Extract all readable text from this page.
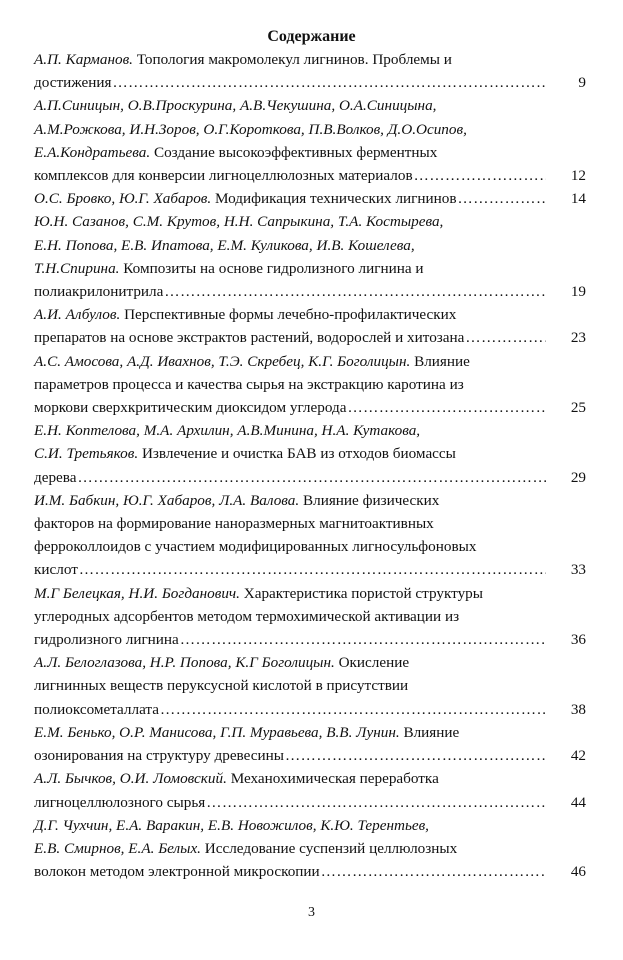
Содержание
А.П. Карманов. Топология макромолекул лигнинов. Проблемы и
достижения ……………………………………………………………………………………………………………………………………………………	9
А.П.Синицын, О.В.Проскурина, А.В.Чекушина, О.А.Синицына,
А.М.Рожкова, И.Н.Зоров, О.Г.Короткова, П.В.Волков, Д.О.Осипов,
Е.А.Кондратьева. Создание высокоэффективных ферментных
комплексов для конверсии лигноцеллюлозных материалов ……………………………………………………………………………………………………………………………………………………	12
О.С. Бровко, Ю.Г. Хабаров. Модификация технических лигнинов ……………………………………………………………………………………………………………………………………………………	14
Ю.Н. Сазанов, С.М. Крутов, Н.Н. Сапрыкина, Т.А. Костырева,
Е.Н. Попова, Е.В. Ипатова, Е.М. Куликова, И.В. Кошелева,
Т.Н.Спирина. Композиты на основе гидролизного лигнина и
полиакрилонитрила ……………………………………………………………………………………………………………………………………………………	19
А.И. Албулов. Перспективные формы лечебно-профилактических
препаратов на основе экстрактов растений, водорослей и хитозана ……………………………………………………………………………………………………………………………………………………	23
А.С. Амосова, А.Д. Ивахнов, Т.Э. Скребец, К.Г. Боголицын. Влияние
параметров процесса и качества сырья на экстракцию каротина из
моркови сверхкритическим диоксидом углерода ……………………………………………………………………………………………………………………………………………………	25
Е.Н. Коптелова, М.А. Архилин, А.В.Минина, Н.А. Кутакова,
С.И. Третьяков. Извлечение и очистка БАВ из отходов биомассы
дерева ……………………………………………………………………………………………………………………………………………………	29
И.М. Бабкин, Ю.Г. Хабаров, Л.А. Валова. Влияние физических
факторов на формирование наноразмерных магнитоактивных
ферроколлоидов с участием модифицированных лигносульфоновых
кислот ……………………………………………………………………………………………………………………………………………………	33
М.Г Белецкая, Н.И. Богданович. Характеристика пористой структуры
углеродных адсорбентов методом термохимической активации из
гидролизного лигнина ……………………………………………………………………………………………………………………………………………………	36
А.Л. Белоглазова, Н.Р. Попова, К.Г Боголицын. Окисление
лигнинных веществ перуксусной кислотой в присутствии
полиоксометаллата ……………………………………………………………………………………………………………………………………………………	38
Е.М. Бенько, О.Р. Манисова, Г.П. Муравьева, В.В. Лунин. Влияние
озонирования на структуру древесины ……………………………………………………………………………………………………………………………………………………	42
А.Л. Бычков, О.И. Ломовский. Механохимическая переработка
лигноцеллюлозного сырья ……………………………………………………………………………………………………………………………………………………	44
Д.Г. Чухчин, Е.А. Варакин, Е.В. Новожилов, К.Ю. Терентьев,
Е.В. Смирнов, Е.А. Белых. Исследование суспензий целлюлозных
волокон методом электронной микроскопии ……………………………………………………………………………………………………………………………………………………	46
3
